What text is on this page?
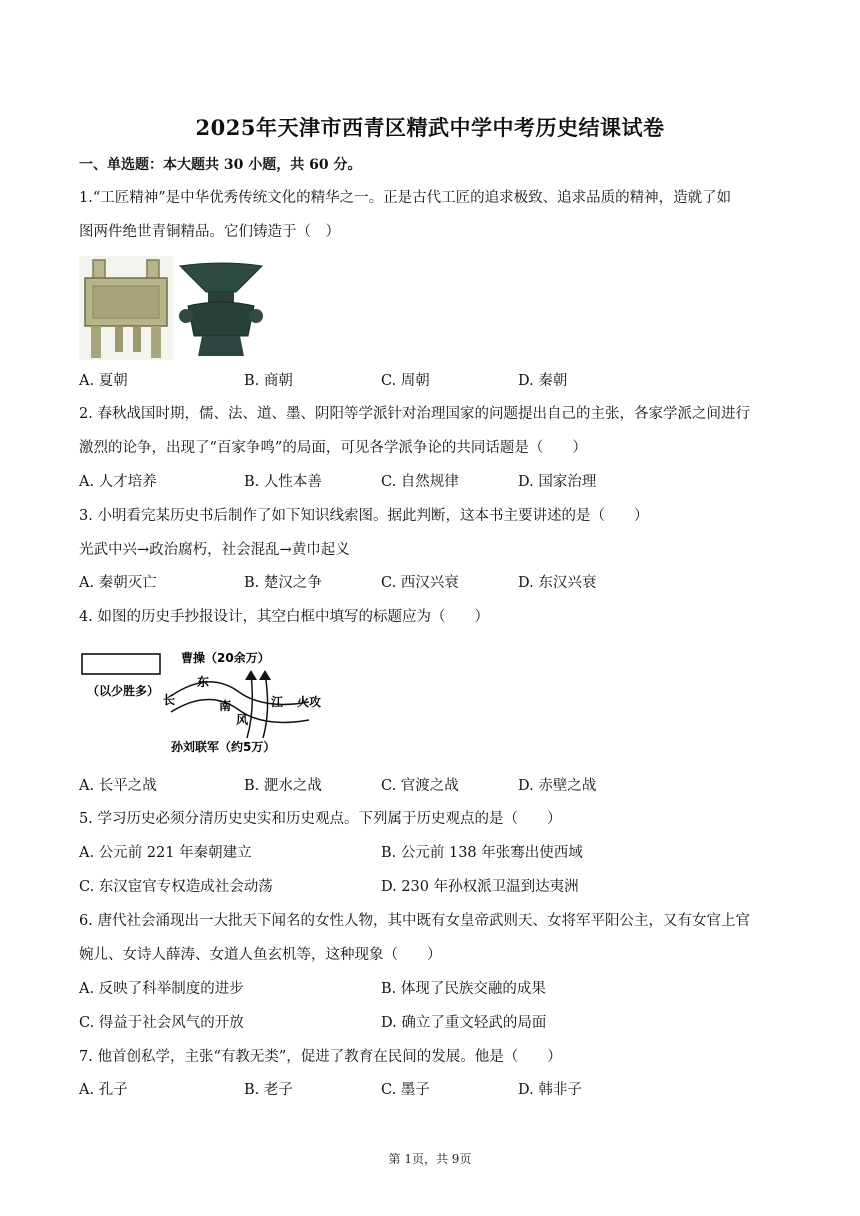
2025年天津市西青区精武中学中考历史结课试卷
一、单选题：本大题共 30 小题，共 60 分。
1.“工匠精神”是中华优秀传统文化的精华之一。正是古代工匠的追求极致、追求品质的精神，造就了如
图两件绝世青铜精品。它们铸造于（　）
A. 夏朝	B. 商朝	C. 周朝	D. 秦朝
2. 春秋战国时期，儒、法、道、墨、阴阳等学派针对治理国家的问题提出自己的主张，各家学派之间进行
激烈的论争，出现了“百家争鸣”的局面，可见各学派争论的共同话题是（　　）
A. 人才培养	B. 人性本善	C. 自然规律	D. 国家治理
3. 小明看完某历史书后制作了如下知识线索图。据此判断，这本书主要讲述的是（　　）
光武中兴→政治腐朽，社会混乱→黄巾起义
A. 秦朝灭亡	B. 楚汉之争	C. 西汉兴衰	D. 东汉兴衰
4. 如图的历史手抄报设计，其空白框中填写的标题应为（　　）
（以少胜多）
曹操（20余万）
长
东
南
风
江 火攻
孙刘联军（约5万）
A. 长平之战	B. 淝水之战	C. 官渡之战	D. 赤壁之战
5. 学习历史必须分清历史史实和历史观点。下列属于历史观点的是（　　）
A. 公元前 221 年秦朝建立	B. 公元前 138 年张骞出使西域
C. 东汉宦官专权造成社会动荡	D. 230 年孙权派卫温到达夷洲
6. 唐代社会涌现出一大批天下闻名的女性人物，其中既有女皇帝武则天、女将军平阳公主，又有女官上官
婉儿、女诗人薛涛、女道人鱼玄机等，这种现象（　　）
A. 反映了科举制度的进步	B. 体现了民族交融的成果
C. 得益于社会风气的开放	D. 确立了重文轻武的局面
7. 他首创私学，主张“有教无类”，促进了教育在民间的发展。他是（　　）
A. 孔子	B. 老子	C. 墨子	D. 韩非子
第 1页，共 9页
